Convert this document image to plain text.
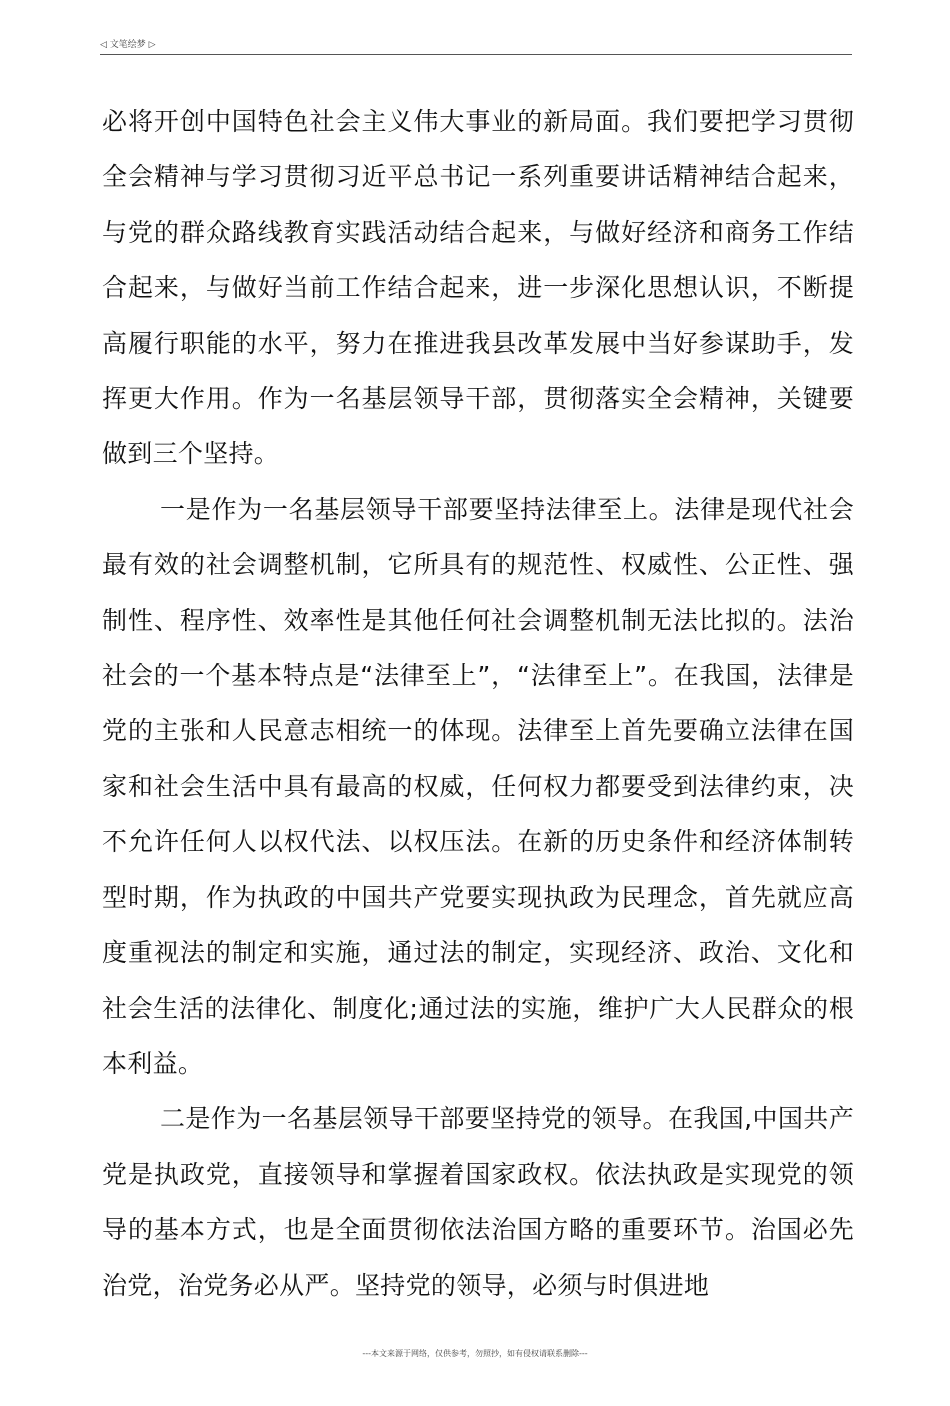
◁ 文笔绘梦 ▷

必将开创中国特色社会主义伟大事业的新局面。我们要把学习贯彻全会精神与学习贯彻习近平总书记一系列重要讲话精神结合起来，与党的群众路线教育实践活动结合起来，与做好经济和商务工作结合起来，与做好当前工作结合起来，进一步深化思想认识，不断提高履行职能的水平，努力在推进我县改革发展中当好参谋助手，发挥更大作用。作为一名基层领导干部，贯彻落实全会精神，关键要做到三个坚持。

一是作为一名基层领导干部要坚持法律至上。法律是现代社会最有效的社会调整机制，它所具有的规范性、权威性、公正性、强制性、程序性、效率性是其他任何社会调整机制无法比拟的。法治社会的一个基本特点是“法律至上”，“法律至上”。在我国，法律是党的主张和人民意志相统一的体现。法律至上首先要确立法律在国家和社会生活中具有最高的权威，任何权力都要受到法律约束，决不允许任何人以权代法、以权压法。在新的历史条件和经济体制转型时期，作为执政的中国共产党要实现执政为民理念，首先就应高度重视法的制定和实施，通过法的制定，实现经济、政治、文化和社会生活的法律化、制度化;通过法的实施，维护广大人民群众的根本利益。

二是作为一名基层领导干部要坚持党的领导。在我国,中国共产党是执政党，直接领导和掌握着国家政权。依法执政是实现党的领导的基本方式，也是全面贯彻依法治国方略的重要环节。治国必先治党，治党务必从严。坚持党的领导，必须与时俱进地

---本文来源于网络，仅供参考，勿照抄，如有侵权请联系删除---
